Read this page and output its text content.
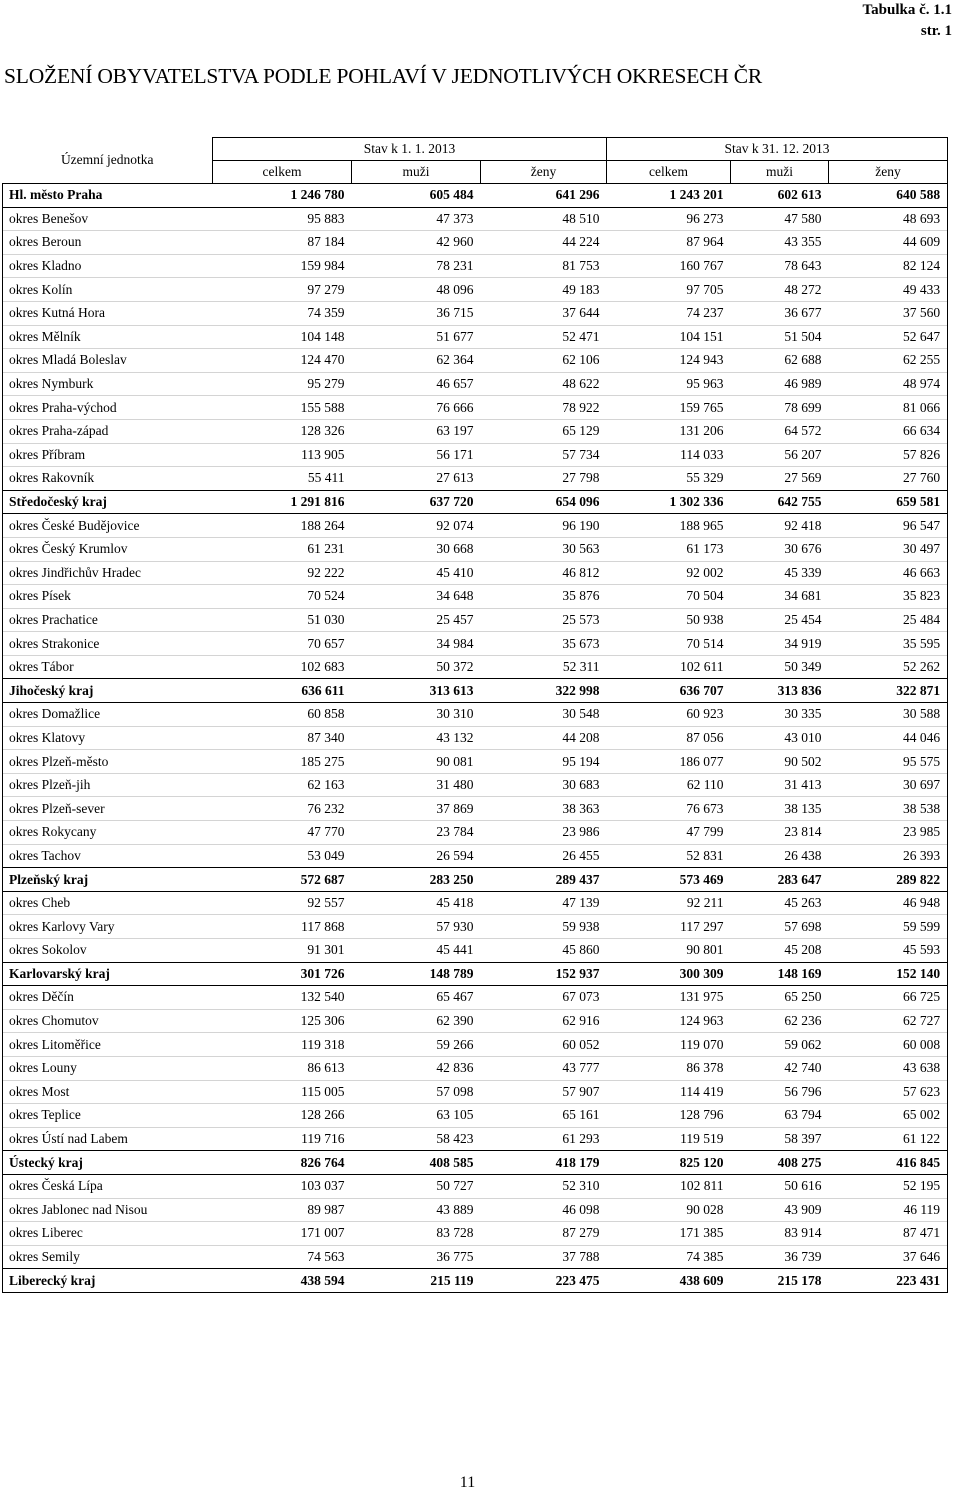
Tabulka č. 1.1
str. 1
SLOŽENÍ OBYVATELSTVA PODLE POHLAVÍ V JEDNOTLIVÝCH OKRESECH ČR
Územní jednotka	Stav k 1. 1. 2013			Stav k 31. 12. 2013		
	celkem	muži	ženy	celkem	muži	ženy
Hl. město Praha	1 246 780	605 484	641 296	1 243 201	602 613	640 588
okres Benešov	95 883	47 373	48 510	96 273	47 580	48 693
okres Beroun	87 184	42 960	44 224	87 964	43 355	44 609
okres Kladno	159 984	78 231	81 753	160 767	78 643	82 124
okres Kolín	97 279	48 096	49 183	97 705	48 272	49 433
okres Kutná Hora	74 359	36 715	37 644	74 237	36 677	37 560
okres Mělník	104 148	51 677	52 471	104 151	51 504	52 647
okres Mladá Boleslav	124 470	62 364	62 106	124 943	62 688	62 255
okres Nymburk	95 279	46 657	48 622	95 963	46 989	48 974
okres Praha-východ	155 588	76 666	78 922	159 765	78 699	81 066
okres Praha-západ	128 326	63 197	65 129	131 206	64 572	66 634
okres Příbram	113 905	56 171	57 734	114 033	56 207	57 826
okres Rakovník	55 411	27 613	27 798	55 329	27 569	27 760
Středočeský kraj	1 291 816	637 720	654 096	1 302 336	642 755	659 581
okres České Budějovice	188 264	92 074	96 190	188 965	92 418	96 547
okres Český Krumlov	61 231	30 668	30 563	61 173	30 676	30 497
okres Jindřichův Hradec	92 222	45 410	46 812	92 002	45 339	46 663
okres Písek	70 524	34 648	35 876	70 504	34 681	35 823
okres Prachatice	51 030	25 457	25 573	50 938	25 454	25 484
okres Strakonice	70 657	34 984	35 673	70 514	34 919	35 595
okres Tábor	102 683	50 372	52 311	102 611	50 349	52 262
Jihočeský kraj	636 611	313 613	322 998	636 707	313 836	322 871
okres Domažlice	60 858	30 310	30 548	60 923	30 335	30 588
okres Klatovy	87 340	43 132	44 208	87 056	43 010	44 046
okres Plzeň-město	185 275	90 081	95 194	186 077	90 502	95 575
okres Plzeň-jih	62 163	31 480	30 683	62 110	31 413	30 697
okres Plzeň-sever	76 232	37 869	38 363	76 673	38 135	38 538
okres Rokycany	47 770	23 784	23 986	47 799	23 814	23 985
okres Tachov	53 049	26 594	26 455	52 831	26 438	26 393
Plzeňský kraj	572 687	283 250	289 437	573 469	283 647	289 822
okres Cheb	92 557	45 418	47 139	92 211	45 263	46 948
okres Karlovy Vary	117 868	57 930	59 938	117 297	57 698	59 599
okres Sokolov	91 301	45 441	45 860	90 801	45 208	45 593
Karlovarský kraj	301 726	148 789	152 937	300 309	148 169	152 140
okres Děčín	132 540	65 467	67 073	131 975	65 250	66 725
okres Chomutov	125 306	62 390	62 916	124 963	62 236	62 727
okres Litoměřice	119 318	59 266	60 052	119 070	59 062	60 008
okres Louny	86 613	42 836	43 777	86 378	42 740	43 638
okres Most	115 005	57 098	57 907	114 419	56 796	57 623
okres Teplice	128 266	63 105	65 161	128 796	63 794	65 002
okres Ústí nad Labem	119 716	58 423	61 293	119 519	58 397	61 122
Ústecký kraj	826 764	408 585	418 179	825 120	408 275	416 845
okres Česká Lípa	103 037	50 727	52 310	102 811	50 616	52 195
okres Jablonec nad Nisou	89 987	43 889	46 098	90 028	43 909	46 119
okres Liberec	171 007	83 728	87 279	171 385	83 914	87 471
okres Semily	74 563	36 775	37 788	74 385	36 739	37 646
Liberecký kraj	438 594	215 119	223 475	438 609	215 178	223 431
11
